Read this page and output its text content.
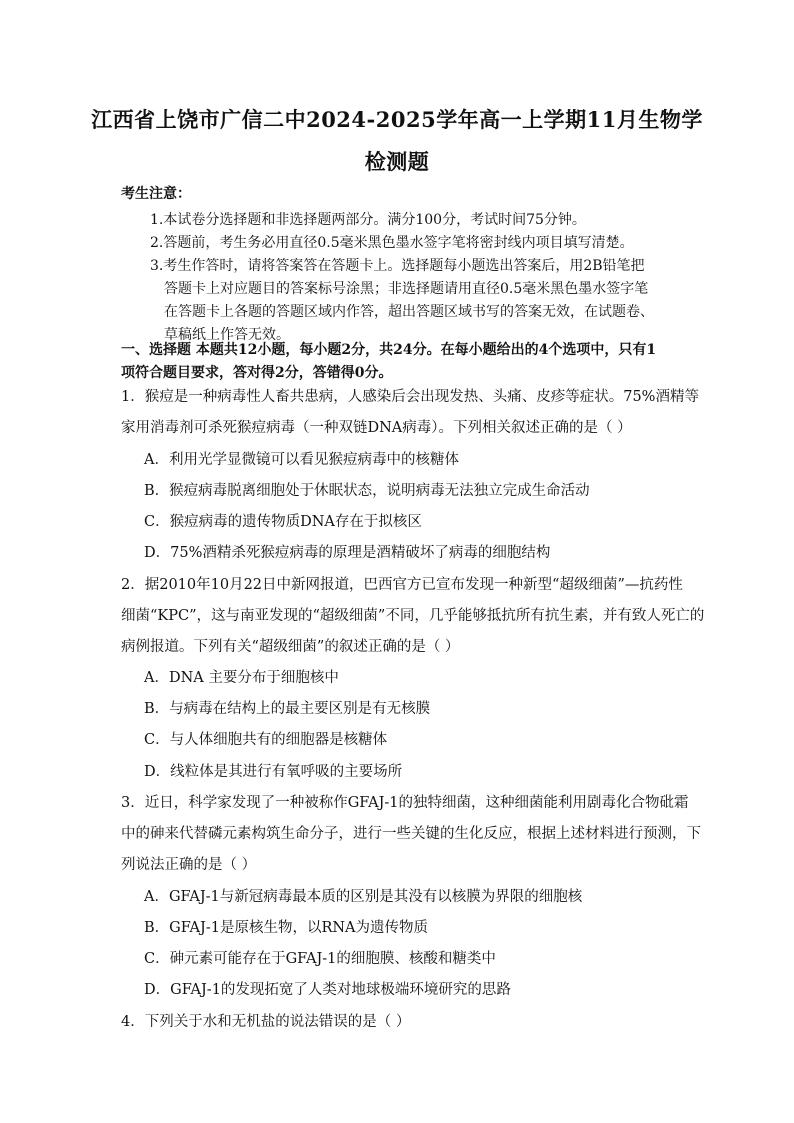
江西省上饶市广信二中2024-2025学年高一上学期11月生物学
检测题
考生注意：
1.本试卷分选择题和非选择题两部分。满分100分，考试时间75分钟。
2.答题前，考生务必用直径0.5毫米黑色墨水签字笔将密封线内项目填写清楚。
3.考生作答时，请将答案答在答题卡上。选择题每小题选出答案后，用2B铅笔把
答题卡上对应题目的答案标号涂黑；非选择题请用直径0.5毫米黑色墨水签字笔
在答题卡上各题的答题区域内作答，超出答题区域书写的答案无效，在试题卷、
草稿纸上作答无效。
一、选择题 本题共12小题，每小题2分，共24分。在每小题给出的4个选项中，只有1
项符合题目要求，答对得2分，答错得0分。
1．猴痘是一种病毒性人畜共患病，人感染后会出现发热、头痛、皮疹等症状。75%酒精等
家用消毒剂可杀死猴痘病毒（一种双链DNA病毒）。下列相关叙述正确的是（ ）
A．利用光学显微镜可以看见猴痘病毒中的核糖体
B．猴痘病毒脱离细胞处于休眠状态，说明病毒无法独立完成生命活动
C．猴痘病毒的遗传物质DNA存在于拟核区
D．75%酒精杀死猴痘病毒的原理是酒精破坏了病毒的细胞结构
2．据2010年10月22日中新网报道，巴西官方已宣布发现一种新型“超级细菌”—抗药性
细菌“KPC”，这与南亚发现的“超级细菌”不同，几乎能够抵抗所有抗生素，并有致人死亡的
病例报道。下列有关“超级细菌”的叙述正确的是（ ）
A．DNA 主要分布于细胞核中
B．与病毒在结构上的最主要区别是有无核膜
C．与人体细胞共有的细胞器是核糖体
D．线粒体是其进行有氧呼吸的主要场所
3．近日，科学家发现了一种被称作GFAJ-1的独特细菌，这种细菌能利用剧毒化合物砒霜
中的砷来代替磷元素构筑生命分子，进行一些关键的生化反应，根据上述材料进行预测，下
列说法正确的是（ ）
A．GFAJ-1与新冠病毒最本质的区别是其没有以核膜为界限的细胞核
B．GFAJ-1是原核生物，以RNA为遗传物质
C．砷元素可能存在于GFAJ-1的细胞膜、核酸和糖类中
D．GFAJ-1的发现拓宽了人类对地球极端环境研究的思路
4．下列关于水和无机盐的说法错误的是（ ）
